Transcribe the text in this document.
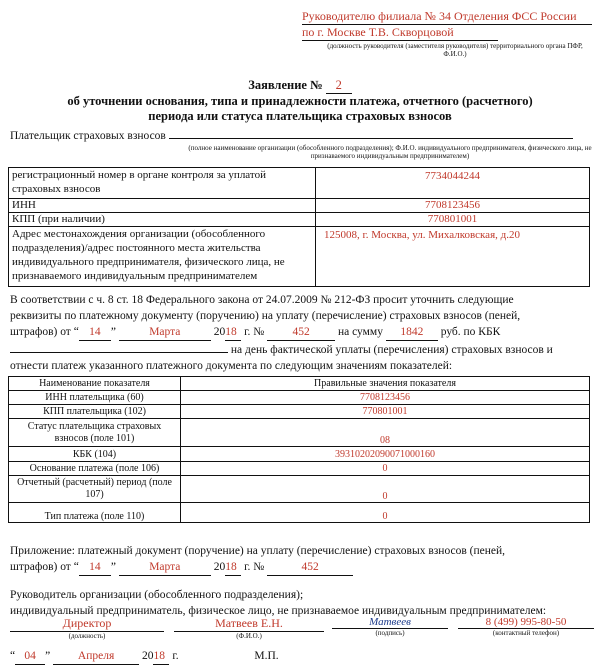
Руководителю филиала № 34 Отделения ФСС России
по г. Москве Т.В. Скворцовой
(должность руководителя (заместителя руководителя) территориального органа ПФР, Ф.И.О.)
Заявление № 2
об уточнении основания, типа и принадлежности платежа, отчетного (расчетного)
периода или статуса плательщика страховых взносов
Плательщик страховых взносов
(полное наименование организации (обособленного подразделения); Ф.И.О. индивидуального предпринимателя, физического лица, не признаваемого индивидуальным предпринимателем)
регистрационный номер в органе контроля за уплатой страховых взносов	7734044244
ИНН	7708123456
КПП (при наличии)	770801001
Адрес местонахождения организации (обособленного подразделения)/адрес постоянного места жительства индивидуального предпринимателя, физического лица, не признаваемого индивидуальным предпринимателем	125008, г. Москва, ул. Михалковская, д.20
В соответствии с ч. 8 ст. 18 Федерального закона от 24.07.2009 № 212-ФЗ просит уточнить следующие
реквизиты по платежному документу (поручению) на уплату (перечисление) страховых взносов (пеней,
штрафов) от “ 14 ”	Марта	2018 г. № 452 на сумму 1842 руб. по КБК
на день фактической уплаты (перечисления) страховых взносов и
отнести платеж указанного платежного документа по следующим значениям показателей:
Наименование показателя	Правильные значения показателя
ИНН плательщика (60)	7708123456
КПП плательщика (102)	770801001
Статус плательщика страховых взносов (поле 101)	08
КБК (104)	39310202090071000160
Основание платежа (поле 106)	0
Отчетный (расчетный) период (поле 107)	0
Тип платежа (поле 110)	0
Приложение: платежный документ (поручение) на уплату (перечисление) страховых взносов (пеней,
штрафов) от “ 14 ”	Марта	2018 г. №	452
Руководитель организации (обособленного подразделения);
индивидуальный предприниматель, физическое лицо, не признаваемое индивидуальным предпринимателем:
Директор
(должность)
Матвеев Е.Н.
(Ф.И.О.)
Матвеев
(подпись)
8 (499) 995-80-50
(контактный телефон)
“ 04 ” Апреля 2018 г.	М.П.
